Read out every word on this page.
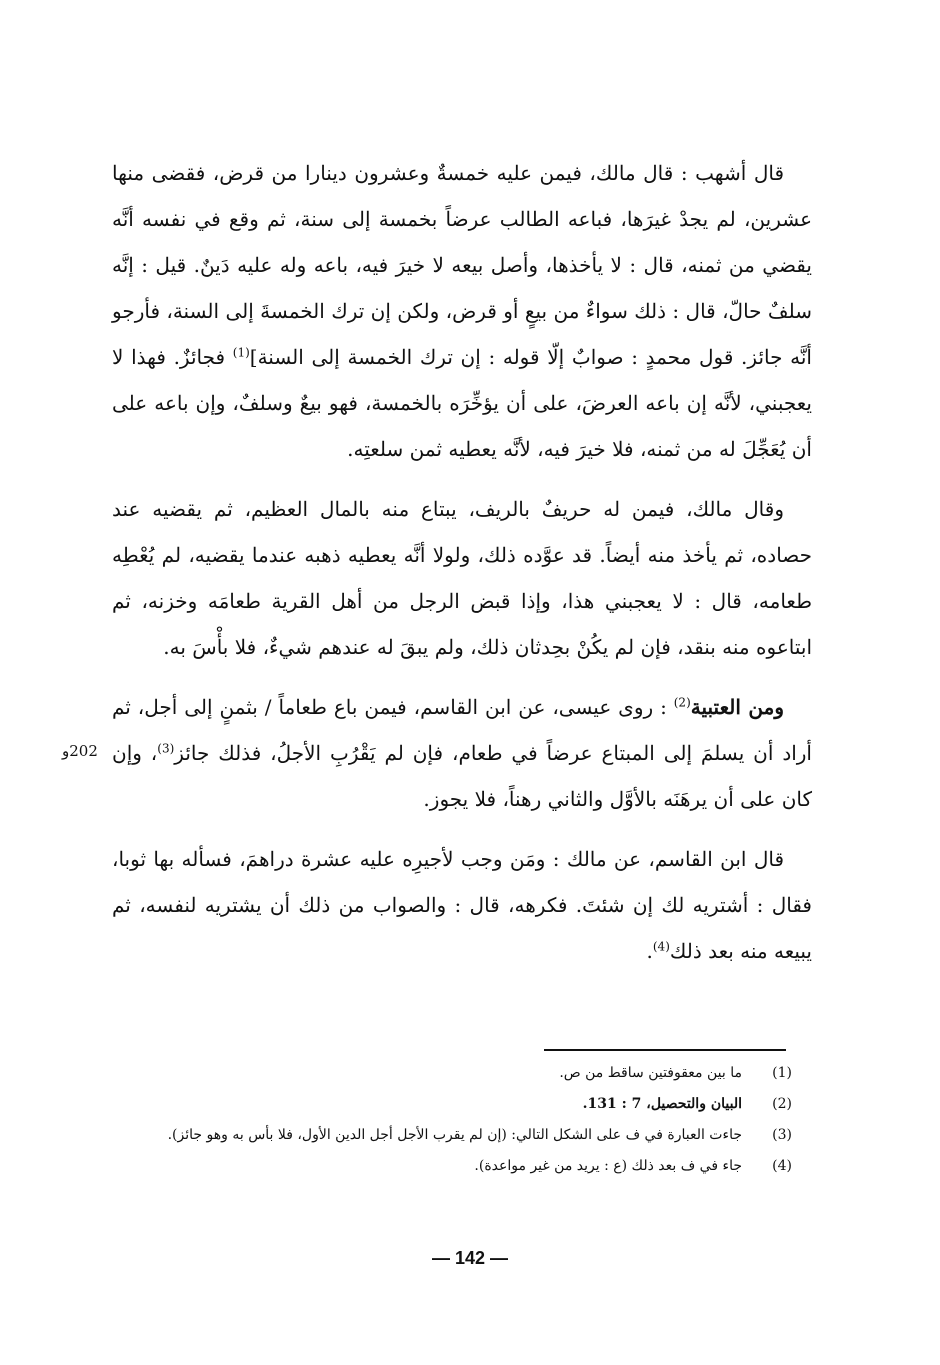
قال أشهب : قال مالك، فيمن عليه خمسةٌ وعشرون دينارا من قرض، فقضى منها عشرين، لم يجدْ غيرَها، فباعه الطالب عرضاً بخمسة إلى سنة، ثم وقع في نفسه أنَّه يقضي من ثمنه، قال : لا يأخذها، وأصل بيعه لا خيرَ فيه، باعه وله عليه دَينٌ. قيل : إنَّه سلفٌ حالّ، قال : ذلك سواءٌ من بيعٍ أو قرض، ولكن إن ترك الخمسةَ إلى السنة، فأرجو أنَّه جائز. قول محمدٍ : صوابٌ إلّا قوله : إن ترك الخمسة إلى السنة]$^{(1)}$ فجائزٌ. فهذا لا يعجبني، لأنَّه إن باعه العرضَ، على أن يؤخِّرَه بالخمسة، فهو بيعٌ وسلفٌ، وإن باعه على أن يُعَجِّلَ له من ثمنه، فلا خيرَ فيه، لأنَّه يعطيه ثمن سلعتِه.

وقال مالك، فيمن له حريفٌ بالريف، يبتاع منه بالمال العظيم، ثم يقضيه عند حصاده، ثم يأخذ منه أيضاً. قد عوَّده ذلك، ولولا أنَّه يعطيه ذهبه عندما يقضيه، لم يُعْطِه طعامه، قال : لا يعجبني هذا، وإذا قبض الرجل من أهل القرية طعامَه وخزنه، ثم ابتاعوه منه بنقد، فإن لم يكُنْ بحِدثان ذلك، ولم يبقَ له عندهم شيءٌ، فلا بأْسَ به.

ومن العتبية$^{(2)}$ : روى عيسى، عن ابن القاسم، فيمن باع طعاماً / بثمنٍ إلى أجل، ثم أراد أن يسلمَ إلى المبتاع عرضاً في طعام، فإن لم يَقْرُبِ الأجلُ، فذلك جائز$^{(3)}$، وإن كان على أن يرهَنَه بالأوَّل والثاني رهناً، فلا يجوز.

قال ابن القاسم، عن مالك : ومَن وجب لأجيرِه عليه عشرة دراهمَ، فسأله بها ثوبا، فقال : أشتريه لك إن شئتَ. فكرهه، قال : والصواب من ذلك أن يشتريه لنفسه، ثم يبيعه منه بعد ذلك$^{(4)}$.

202و
(1)
ما بين معقوفتين ساقط من ص.
(2)
البيان والتحصيل، 7 : 131.
(3)
جاءت العبارة في ف على الشكل التالي: (إن لم يقرب الأجل أجل الدين الأول، فلا بأس به وهو جائز).
(4)
جاء في ف بعد ذلك (ع : يريد من غير مواعدة).
— 142 —
